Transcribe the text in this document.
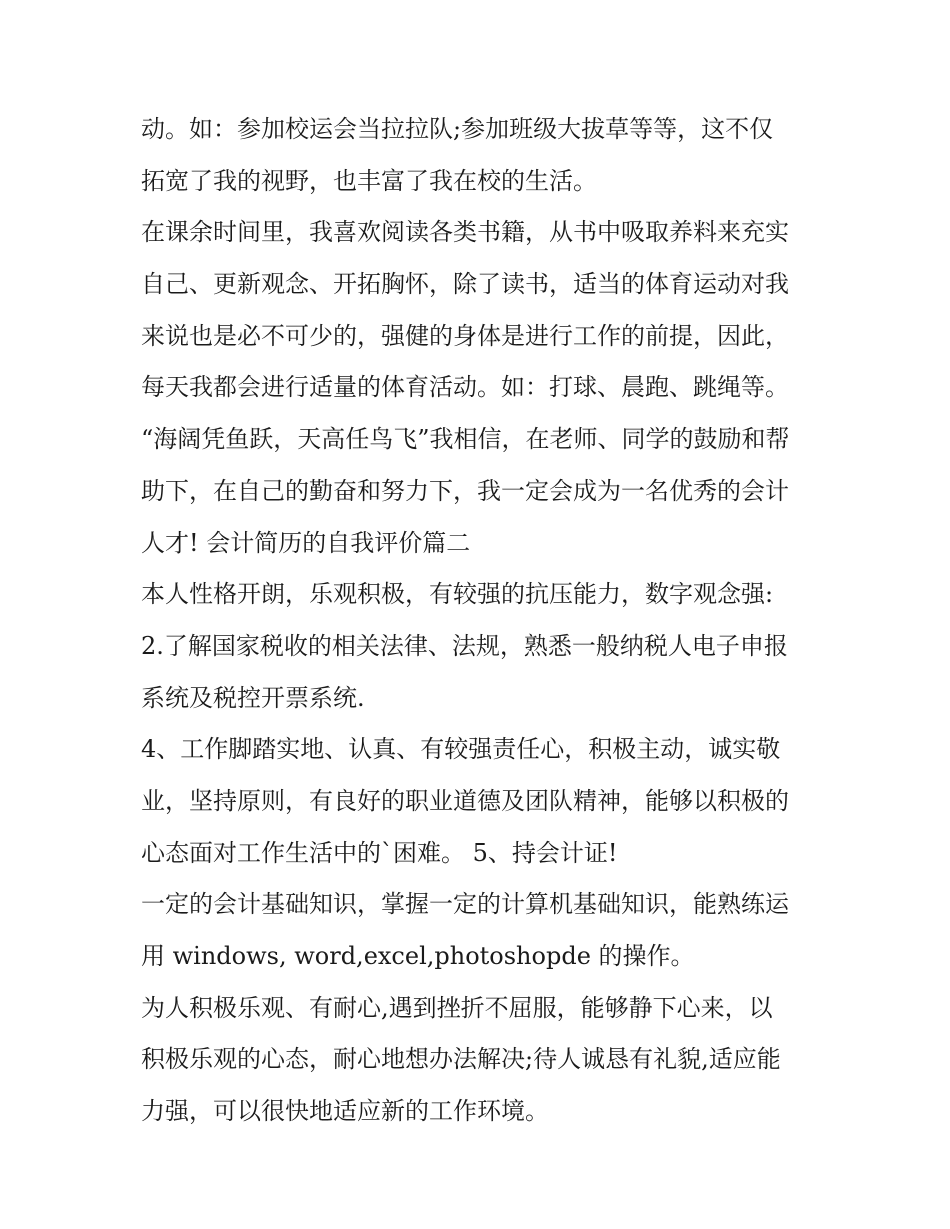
动。如：参加校运会当拉拉队;参加班级大拔草等等，这不仅
拓宽了我的视野，也丰富了我在校的生活。
在课余时间里，我喜欢阅读各类书籍，从书中吸取养料来充实
自己、更新观念、开拓胸怀，除了读书，适当的体育运动对我
来说也是必不可少的，强健的身体是进行工作的前提，因此，
每天我都会进行适量的体育活动。如：打球、晨跑、跳绳等。
“海阔凭鱼跃，天高任鸟飞”我相信，在老师、同学的鼓励和帮
助下，在自己的勤奋和努力下，我一定会成为一名优秀的会计
人才! 会计简历的自我评价篇二
本人性格开朗，乐观积极，有较强的抗压能力，数字观念强:
2.了解国家税收的相关法律、法规，熟悉一般纳税人电子申报
系统及税控开票系统.
4、工作脚踏实地、认真、有较强责任心，积极主动，诚实敬
业，坚持原则，有良好的职业道德及团队精神，能够以积极的
心态面对工作生活中的`困难。 5、持会计证!
一定的会计基础知识，掌握一定的计算机基础知识，能熟练运
用 windows, word,excel,photoshopde 的操作。
为人积极乐观、有耐心,遇到挫折不屈服，能够静下心来，以
积极乐观的心态，耐心地想办法解决;待人诚恳有礼貌,适应能
力强，可以很快地适应新的工作环境。
